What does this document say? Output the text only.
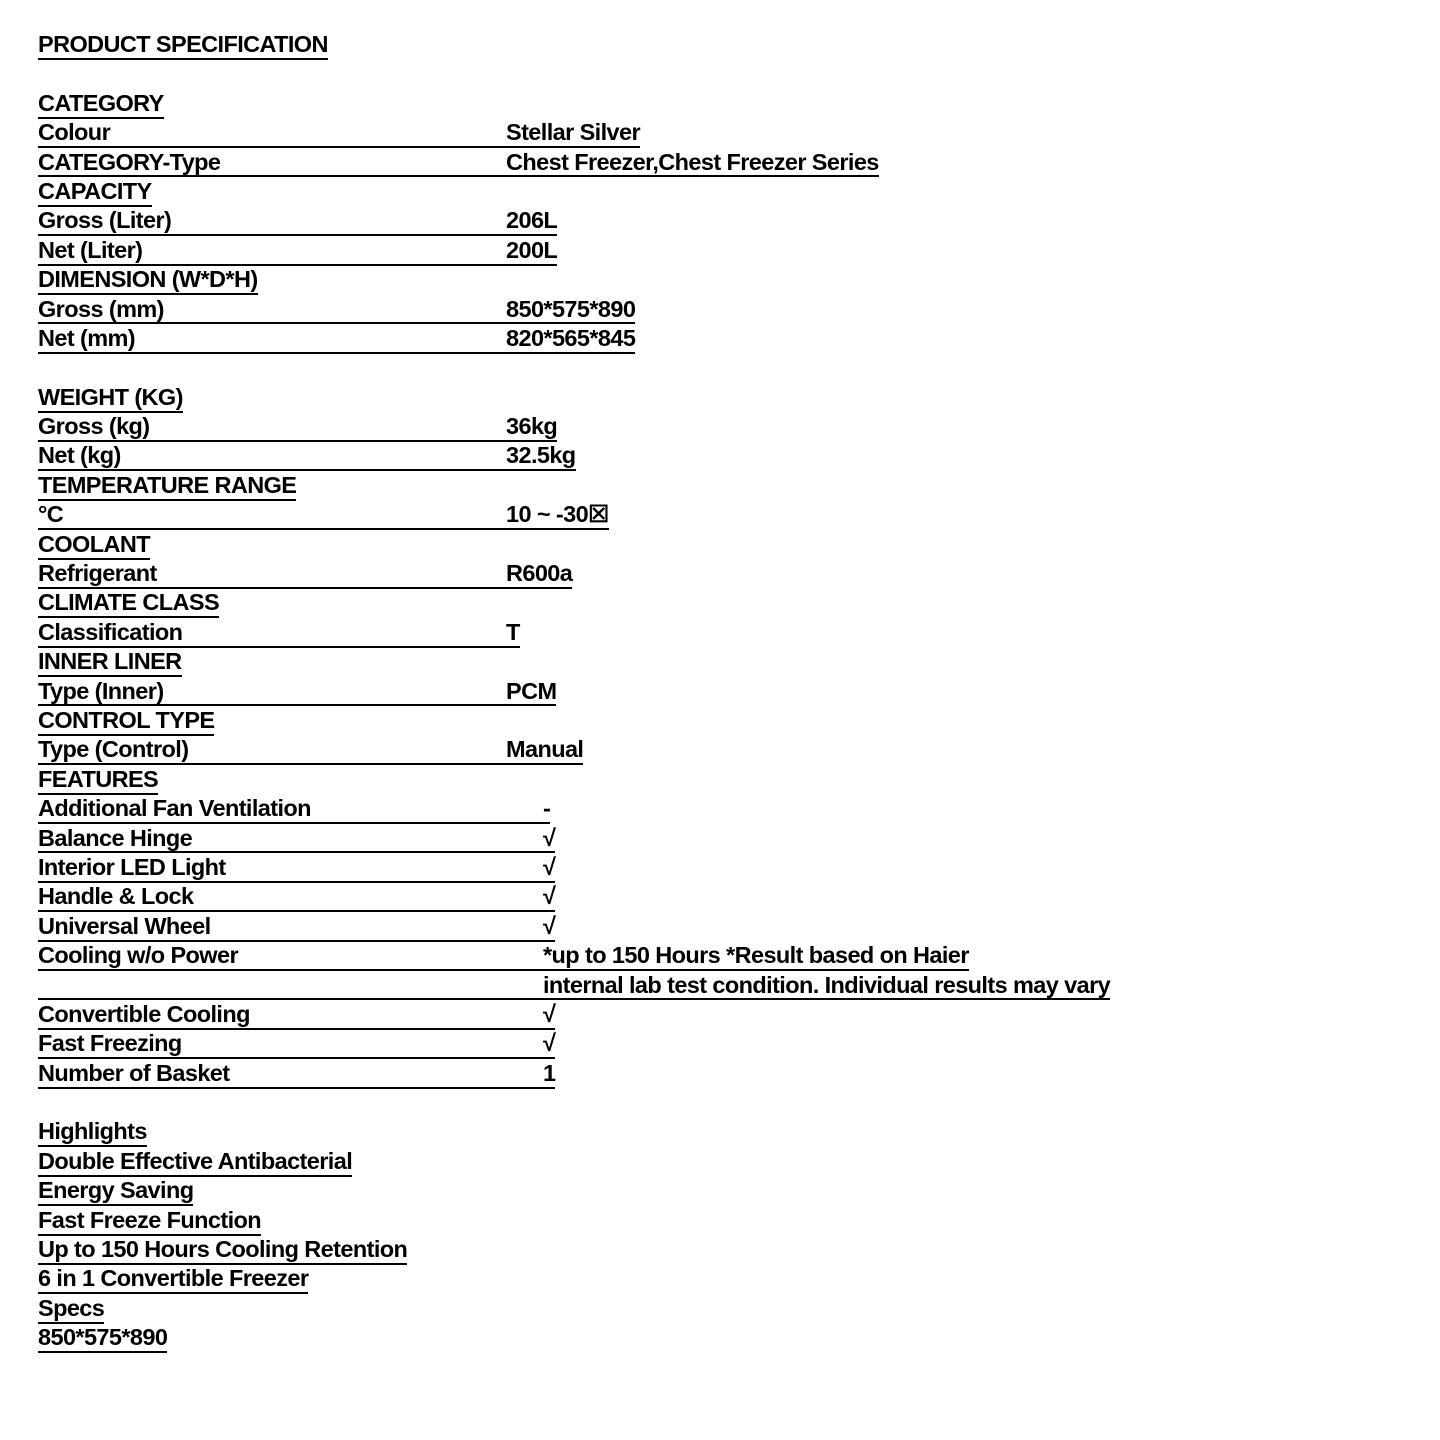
PRODUCT SPECIFICATION
CATEGORY
Colour	Stellar Silver
CATEGORY-Type	Chest Freezer,Chest Freezer Series
CAPACITY
Gross (Liter)	206L
Net (Liter)	200L
DIMENSION (W*D*H)
Gross (mm)	850*575*890
Net (mm)	820*565*845
WEIGHT (KG)
Gross (kg)	36kg
Net (kg)	32.5kg
TEMPERATURE RANGE
°C	10 ~ -30☒
COOLANT
Refrigerant	R600a
CLIMATE CLASS
Classification	T
INNER LINER
Type (Inner)	PCM
CONTROL TYPE
Type (Control)	Manual
FEATURES
Additional Fan Ventilation	-
Balance Hinge	√
Interior LED Light	√
Handle & Lock	√
Universal Wheel	√
Cooling w/o Power	*up to 150 Hours *Result based on Haier
internal lab test condition. Individual results may vary
Convertible Cooling	√
Fast Freezing	√
Number of Basket	1
Highlights
Double Effective Antibacterial
Energy Saving
Fast Freeze Function
Up to 150 Hours Cooling Retention
6 in 1 Convertible Freezer
Specs
850*575*890
